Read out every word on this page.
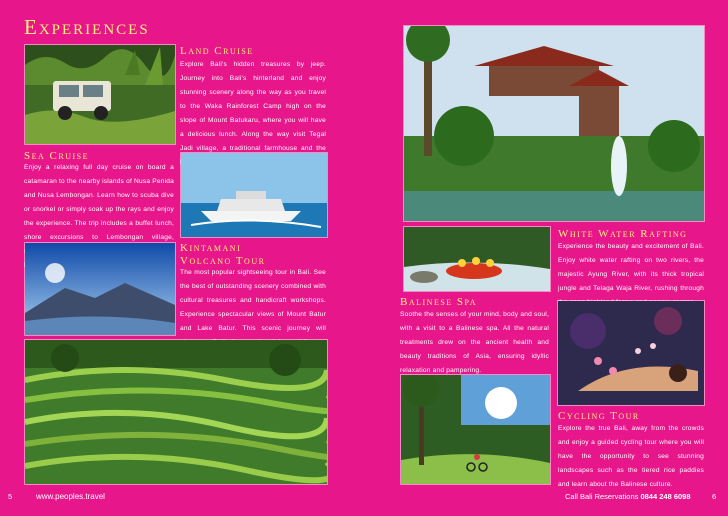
Experiences
Land Cruise
Explore Bali's hidden treasures by jeep. Journey into Bali's hinterland and enjoy stunning scenery along the way as you travel to the Waka Rainforest Camp high on the slope of Mount Batukaru, where you will have a delicious lunch. Along the way visit Tegal Jadi village, a traditional farmhouse and the
Sea Cruise
Enjoy a relaxing full day cruise on board a catamaran to the nearby islands of Nusa Penida and Nusa Lembongan. Learn how to scuba dive or snorkel or simply soak up the rays and enjoy the experience. The trip includes a buffet lunch, shore excursions to Lembongan village,
Kintamani
Volcano Tour
The most popular sightseeing tour in Bali. See the best of outstanding scenery combined with cultural treasures and handicraft workshops. Experience spectacular views of Mount Batur and Lake Batur. This scenic journey will
White Water Rafting
Experience the beauty and excitement of Bali. Enjoy white water rafting on two rivers, the majestic Ayung River, with its thick tropical jungle and Telaga Waja River, rushing through
Balinese Spa
Soothe the senses of your mind, body and soul, with a visit to a Balinese spa. All the natural treatments drew on the ancient health and beauty traditions of Asia, ensuring idyllic relaxation and pampering.
Cycling Tour
Explore the true Bali, away from the crowds and enjoy a guided cycling tour where you will have the opportunity to see stunning landscapes such as the tiered rice paddies and learn about the Balinese culture.
5	www.peoples.travel	Call Bali Reservations 0844 248 6098	6
